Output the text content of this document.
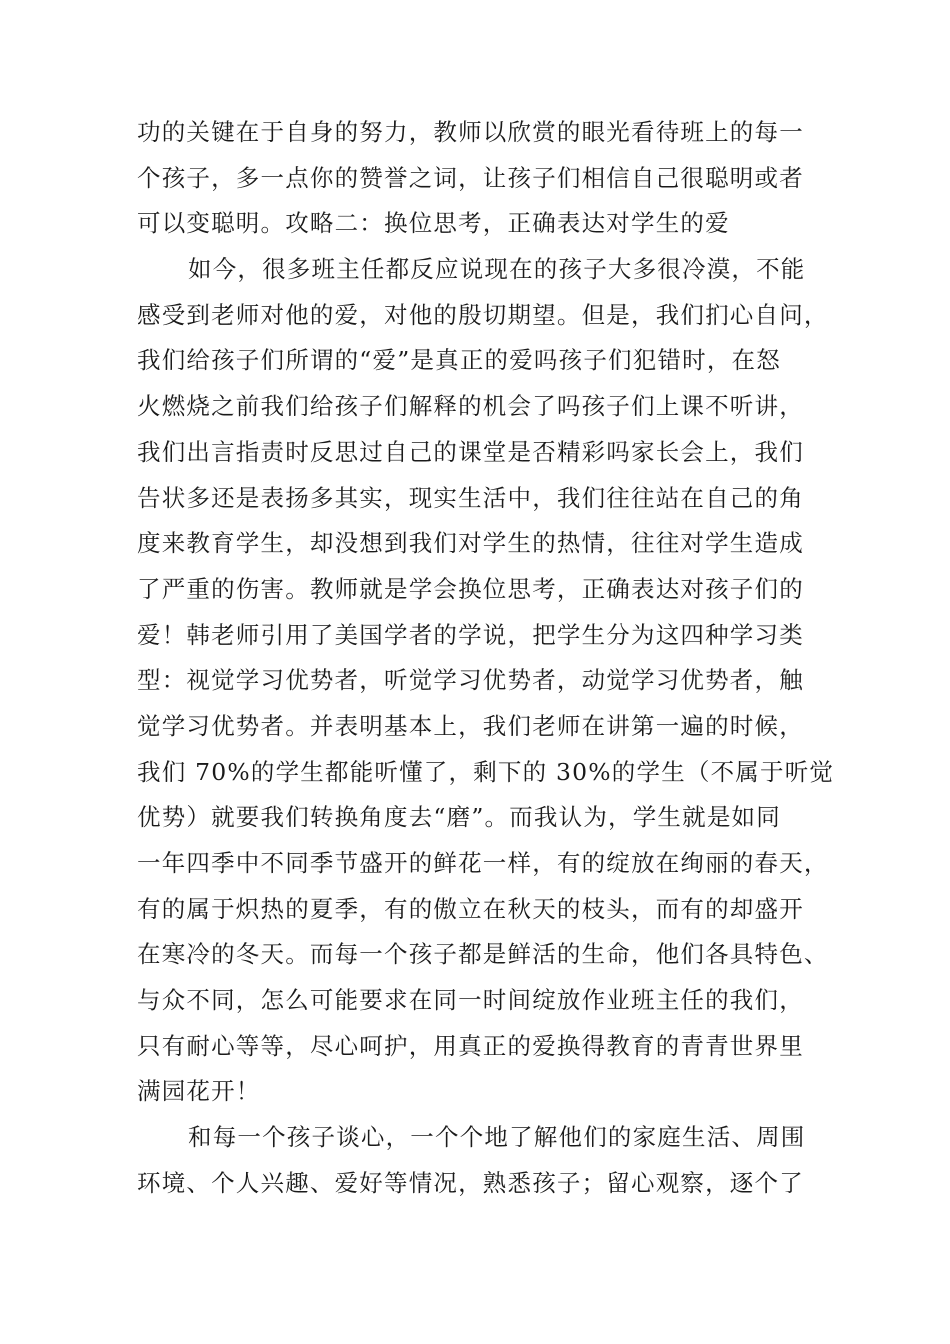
功的关键在于自身的努力，教师以欣赏的眼光看待班上的每一
个孩子，多一点你的赞誉之词，让孩子们相信自己很聪明或者
可以变聪明。攻略二：换位思考，正确表达对学生的爱
如今，很多班主任都反应说现在的孩子大多很冷漠，不能
感受到老师对他的爱，对他的殷切期望。但是，我们扪心自问，
我们给孩子们所谓的“爱”是真正的爱吗孩子们犯错时，在怒
火燃烧之前我们给孩子们解释的机会了吗孩子们上课不听讲，
我们出言指责时反思过自己的课堂是否精彩吗家长会上，我们
告状多还是表扬多其实，现实生活中，我们往往站在自己的角
度来教育学生，却没想到我们对学生的热情，往往对学生造成
了严重的伤害。教师就是学会换位思考，正确表达对孩子们的
爱！韩老师引用了美国学者的学说，把学生分为这四种学习类
型：视觉学习优势者，听觉学习优势者，动觉学习优势者，触
觉学习优势者。并表明基本上，我们老师在讲第一遍的时候，
我们 70%的学生都能听懂了，剩下的 30%的学生（不属于听觉
优势）就要我们转换角度去“磨”。而我认为，学生就是如同
一年四季中不同季节盛开的鲜花一样，有的绽放在绚丽的春天，
有的属于炽热的夏季，有的傲立在秋天的枝头，而有的却盛开
在寒冷的冬天。而每一个孩子都是鲜活的生命，他们各具特色、
与众不同，怎么可能要求在同一时间绽放作业班主任的我们，
只有耐心等等，尽心呵护，用真正的爱换得教育的青青世界里
满园花开！
和每一个孩子谈心，一个个地了解他们的家庭生活、周围
环境、个人兴趣、爱好等情况，熟悉孩子；留心观察，逐个了
